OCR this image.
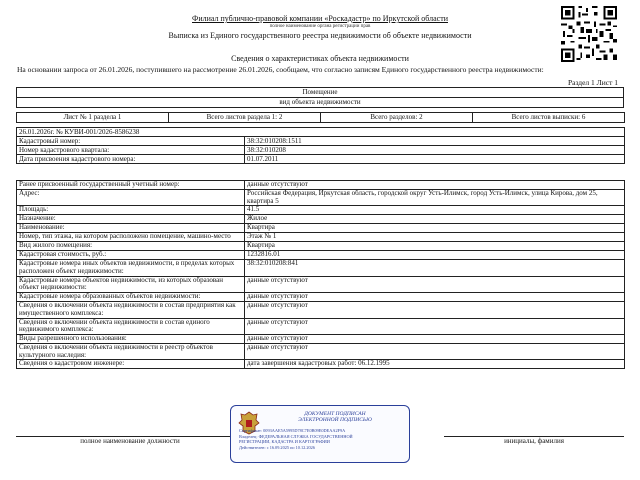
Филиал публично-правовой компании «Роскадастр» по Иркутской области
полное наименование органа регистрации прав
Выписка из Единого государственного реестра недвижимости об объекте недвижимости
Сведения о характеристиках объекта недвижимости
На основании запроса от 26.01.2026, поступившего на рассмотрение 26.01.2026, сообщаем, что согласно записям Единого государственного реестра недвижимости:
Раздел 1 Лист 1
Помещение
вид объекта недвижимости
Лист № 1 раздела 1	Всего листов раздела 1: 2	Всего разделов: 2	Всего листов выписки: 6
26.01.2026г. № КУВИ-001/2026-8586238	
Кадастровый номер:	38:32:010208:1511
Номер кадастрового квартала:	38:32:010208
Дата присвоения кадастрового номера:	01.07.2011
Ранее присвоенный государственный учетный номер:	данные отсутствуют
Адрес:	Российская Федерация, Иркутская область, городской округ Усть-Илимск, город Усть-Илимск, улица Кирова, дом 25, квартира 5
Площадь:	41.5
Назначение:	Жилое
Наименование:	Квартира
Номер, тип этажа, на котором расположено помещение, машино-место	Этаж № 1
Вид жилого помещения:	Квартира
Кадастровая стоимость, руб.:	1232816.01
Кадастровые номера иных объектов недвижимости, в пределах которых расположен объект недвижимости:	38:32:010208:841
Кадастровые номера объектов недвижимости, из которых образован объект недвижимости:	данные отсутствуют
Кадастровые номера образованных объектов недвижимости:	данные отсутствуют
Сведения о включении объекта недвижимости в состав предприятия как имущественного комплекса:	данные отсутствуют
Сведения о включении объекта недвижимости в состав единого недвижимого комплекса:	данные отсутствуют
Виды разрешенного использования:	данные отсутствуют
Сведения о включении объекта недвижимости в реестр объектов культурного наследия:	данные отсутствуют
Сведения о кадастровом инженере:	дата завершения кадастровых работ: 06.12.1995
полное наименование должности		инициалы, фамилия
ДОКУМЕНТ ПОДПИСАН
ЭЛЕКТРОННОЙ ПОДПИСЬЮ
Сертификат: 0093AAE5A5995D78C7E0B09E0DEAA2F9A
Владелец: ФЕДЕРАЛЬНАЯ СЛУЖБА ГОСУДАРСТВЕННОЙ
РЕГИСТРАЦИИ, КАДАСТРА И КАРТОГРАФИИ
Действителен: с 16.09.2025 по 10.12.2026
